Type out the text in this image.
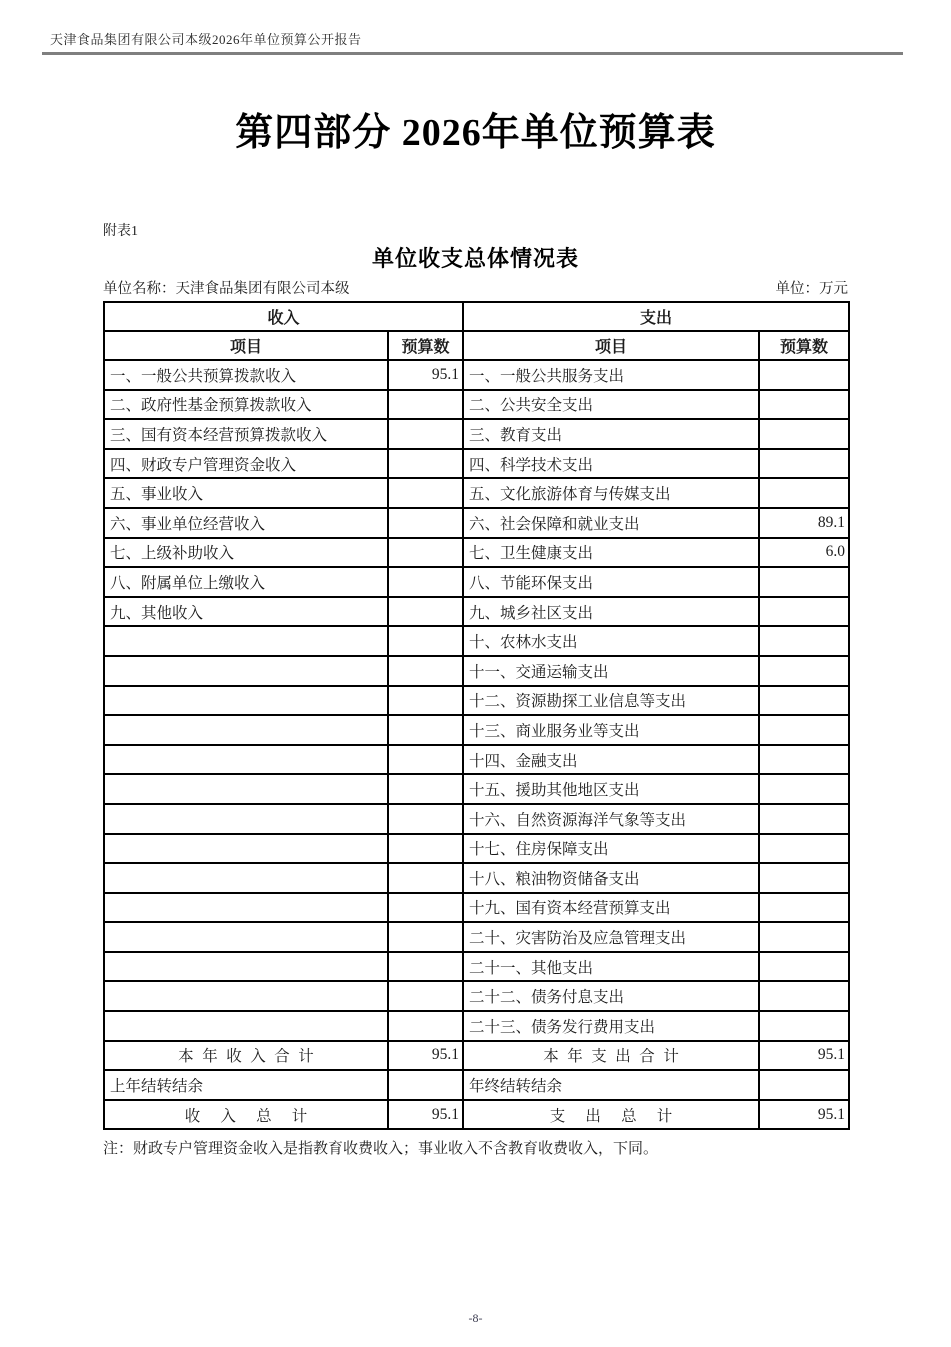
天津食品集团有限公司本级2026年单位预算公开报告
第四部分 2026年单位预算表
附表1
单位收支总体情况表
单位名称：天津食品集团有限公司本级	单位：万元
收入		支出	
项目	预算数	项目	预算数
一、一般公共预算拨款收入	95.1	一、一般公共服务支出	
二、政府性基金预算拨款收入		二、公共安全支出	
三、国有资本经营预算拨款收入		三、教育支出	
四、财政专户管理资金收入		四、科学技术支出	
五、事业收入		五、文化旅游体育与传媒支出	
六、事业单位经营收入		六、社会保障和就业支出	89.1
七、上级补助收入		七、卫生健康支出	6.0
八、附属单位上缴收入		八、节能环保支出	
九、其他收入		九、城乡社区支出	
		十、农林水支出	
		十一、交通运输支出	
		十二、资源勘探工业信息等支出	
		十三、商业服务业等支出	
		十四、金融支出	
		十五、援助其他地区支出	
		十六、自然资源海洋气象等支出	
		十七、住房保障支出	
		十八、粮油物资储备支出	
		十九、国有资本经营预算支出	
		二十、灾害防治及应急管理支出	
		二十一、其他支出	
		二十二、债务付息支出	
		二十三、债务发行费用支出	
本年收入合计	95.1	本年支出合计	95.1
上年结转结余		年终结转结余	
收入总计	95.1	支出总计	95.1
注：财政专户管理资金收入是指教育收费收入；事业收入不含教育收费收入，下同。
-8-
